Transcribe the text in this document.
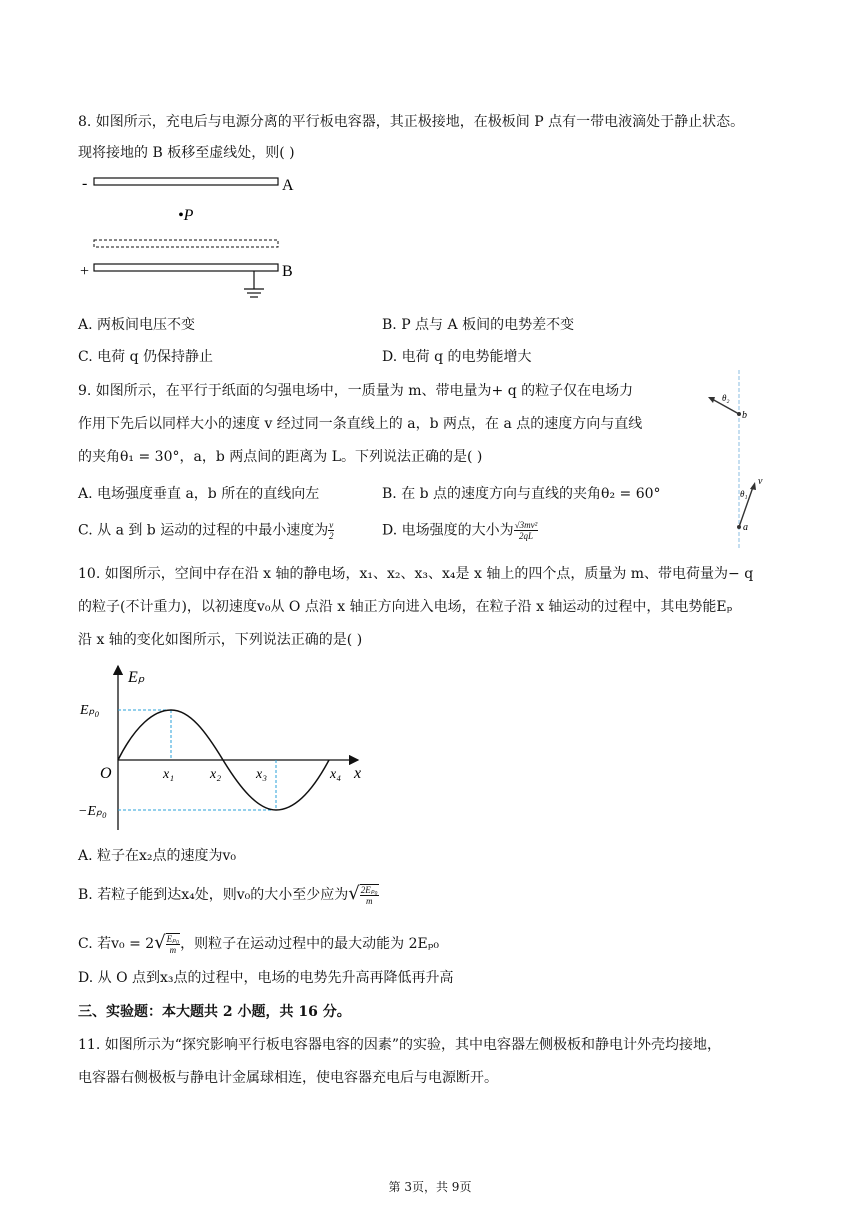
8. 如图所示，充电后与电源分离的平行板电容器，其正极接地，在极板间 P 点有一带电液滴处于静止状态。
现将接地的 B 板移至虚线处，则( )
-	A
•P
+	B
A. 两板间电压不变	B. P 点与 A 板间的电势差不变
C. 电荷 q 仍保持静止	D. 电荷 q 的电势能增大
9. 如图所示，在平行于纸面的匀强电场中，一质量为 m、带电量为+ q 的粒子仅在电场力
作用下先后以同样大小的速度 v 经过同一条直线上的 a，b 两点，在 a 点的速度方向与直线
的夹角θ₁ = 30°，a，b 两点间的距离为 L。下列说法正确的是( )
θ₂
b
θ₁
v
a
A. 电场强度垂直 a，b 所在的直线向左	B. 在 b 点的速度方向与直线的夹角θ₂ = 60°
C. 从 a 到 b 运动的过程的中最小速度为 $\frac{v}{2}$	D. 电场强度的大小为 $\frac{\text{√3mv²}}{2qL}$
10. 如图所示，空间中存在沿 x 轴的静电场，x₁、x₂、x₃、x₄是 x 轴上的四个点，质量为 m、带电荷量为− q
的粒子(不计重力)，以初速度v₀从 O 点沿 x 轴正方向进入电场，在粒子沿 x 轴运动的过程中，其电势能Eₚ
沿 x 轴的变化如图所示，下列说法正确的是( )
Eₚ
x
O
Eₚ₀
−Eₚ₀
x₁	x₂ x₃	x₄
A. 粒子在x₂点的速度为v₀
B. 若粒子能到达x₄处，则v₀的大小至少应为√ $\frac{\text{2Eₚ₀}}{m}$
C. 若$v_0 = 2√ \frac{\text{Eₚ₀}}{m}$ ，则粒子在运动过程中的最大动能为 2Eₚ₀
D. 从 O 点到x₃点的过程中，电场的电势先升高再降低再升高
三、实验题：本大题共 2 小题，共 16 分。
11. 如图所示为“探究影响平行板电容器电容的因素”的实验，其中电容器左侧极板和静电计外壳均接地，
电容器右侧极板与静电计金属球相连，使电容器充电后与电源断开。
第 3页，共 9页
